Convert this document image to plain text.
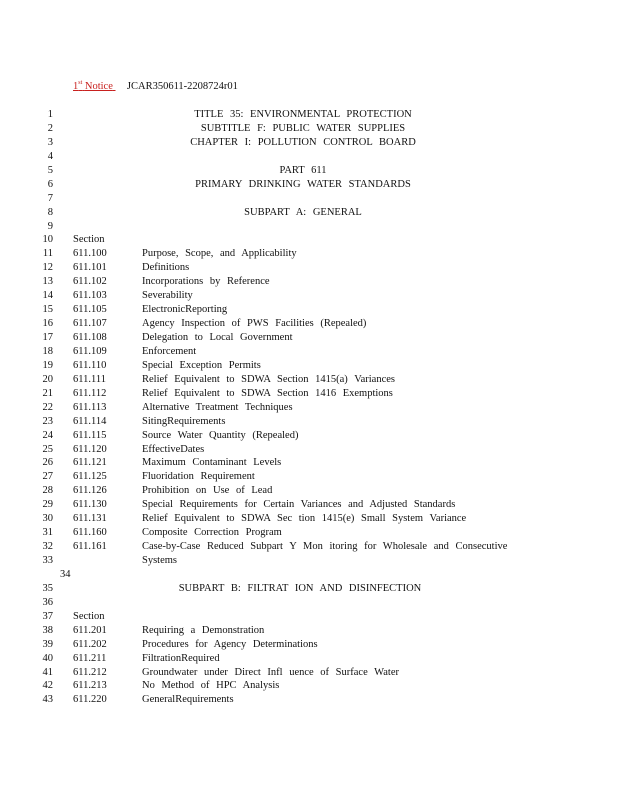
1st Notice JCAR350611-2208724r01
1	TITLE 35: ENVIRONMENTAL PROTECTION
2	SUBTITLE F: PUBLIC WATER SUPPLIES
3	CHAPTER I: POLLUTION CONTROL BOARD
4
5	PART 611
6	PRIMARY DRINKING WATER STANDARDS
7
8	SUBPART A: GENERAL
9
10 Section
11 611.100	Purpose, Scope, and Applicability
12 611.101	Definitions
13 611.102	Incorporations by Reference
14 611.103	Severability
15 611.105	ElectronicReporting
16 611.107	Agency Inspection of PWS Facilities (Repealed)
17 611.108	Delegation to Local Government
18 611.109	Enforcement
19 611.110	Special Exception Permits
20 611.111	Relief Equivalent to SDWA Section 1415(a) Variances
21 611.112	Relief Equivalent to SDWA Section 1416 Exemptions
22 611.113	Alternative Treatment Techniques
23 611.114	SitingRequirements
24 611.115	Source Water Quantity (Repealed)
25 611.120	EffectiveDates
26 611.121	Maximum Contaminant Levels
27 611.125	Fluoridation Requirement
28 611.126	Prohibition on Use of Lead
29 611.130	Special Requirements for Certain Variances and Adjusted Standards
30 611.131	Relief Equivalent to SDWA Sec tion 1415(e) Small System Variance
31 611.160	Composite Correction Program
32 611.161	Case-by-Case Reduced Subpart Y Mon itoring for Wholesale and Consecutive
33	Systems
34
35	SUBPART B: FILTRAT ION AND DISINFECTION
36
37 Section
38 611.201	Requiring a Demonstration
39 611.202	Procedures for Agency Determinations
40 611.211	FiltrationRequired
41 611.212	Groundwater under Direct Infl uence of Surface Water
42 611.213	No Method of HPC Analysis
43 611.220	GeneralRequirements
